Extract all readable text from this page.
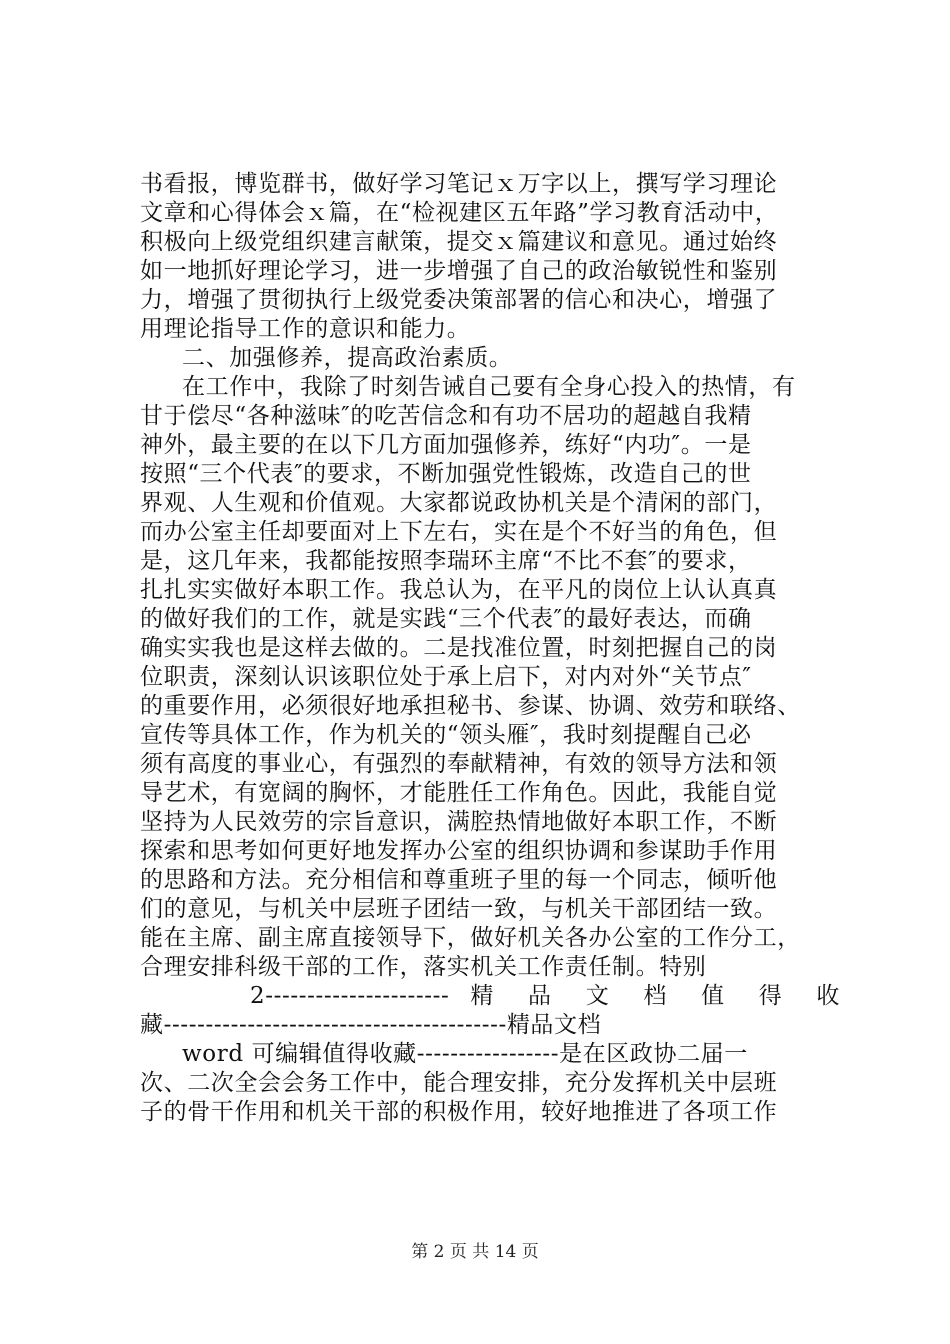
书看报，博览群书，做好学习笔记ｘ万字以上，撰写学习理论
文章和心得体会ｘ篇，在“检视建区五年路”学习教育活动中，
积极向上级党组织建言献策，提交ｘ篇建议和意见。通过始终
如一地抓好理论学习，进一步增强了自己的政治敏锐性和鉴别
力，增强了贯彻执行上级党委决策部署的信心和决心，增强了
用理论指导工作的意识和能力。
二、加强修养，提高政治素质。
在工作中，我除了时刻告诫自己要有全身心投入的热情，有
甘于偿尽“各种滋味″的吃苦信念和有功不居功的超越自我精
神外，最主要的在以下几方面加强修养，练好“内功″。一是
按照“三个代表″的要求，不断加强党性锻炼，改造自己的世
界观、人生观和价值观。大家都说政协机关是个清闲的部门，
而办公室主任却要面对上下左右，实在是个不好当的角色，但
是，这几年来，我都能按照李瑞环主席“不比不套″的要求，
扎扎实实做好本职工作。我总认为，在平凡的岗位上认认真真
的做好我们的工作，就是实践“三个代表″的最好表达，而确
确实实我也是这样去做的。二是找准位置，时刻把握自己的岗
位职责，深刻认识该职位处于承上启下，对内对外“关节点″
的重要作用，必须很好地承担秘书、参谋、协调、效劳和联络、
宣传等具体工作，作为机关的“领头雁″，我时刻提醒自己必
须有高度的事业心，有强烈的奉献精神，有效的领导方法和领
导艺术，有宽阔的胸怀，才能胜任工作角色。因此，我能自觉
坚持为人民效劳的宗旨意识，满腔热情地做好本职工作，不断
探索和思考如何更好地发挥办公室的组织协调和参谋助手作用
的思路和方法。充分相信和尊重班子里的每一个同志，倾听他
们的意见，与机关中层班子团结一致，与机关干部团结一致。
能在主席、副主席直接领导下，做好机关各办公室的工作分工，
合理安排科级干部的工作，落实机关工作责任制。特别
2---------------------- 精 品 文 档 值 得 收
藏-----------------------------------------精品文档
word 可编辑值得收藏-----------------是在区政协二届一
次、二次全会会务工作中，能合理安排，充分发挥机关中层班
子的骨干作用和机关干部的积极作用，较好地推进了各项工作
第 2 页 共 14 页
